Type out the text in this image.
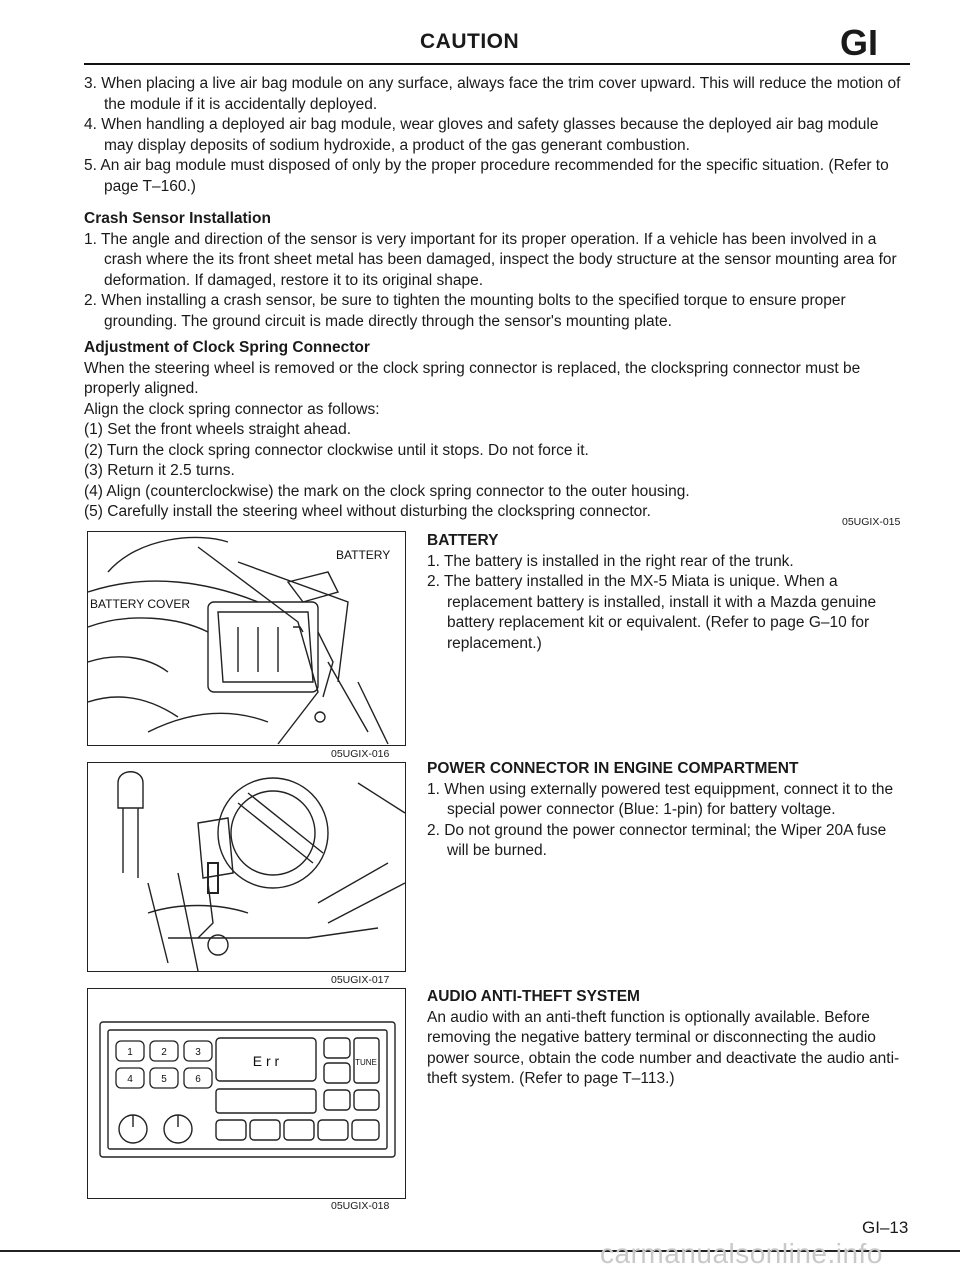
CAUTION	GI

3. When placing a live air bag module on any surface, always face the trim cover upward. This will reduce the motion of the module if it is accidentally deployed.

4. When handling a deployed air bag module, wear gloves and safety glasses because the deployed air bag module may display deposits of sodium hydroxide, a product of the gas generant combustion.

5. An air bag module must disposed of only by the proper procedure recommended for the specific situation. (Refer to page T–160.)

Crash Sensor Installation

1. The angle and direction of the sensor is very important for its proper operation. If a vehicle has been involved in a crash where the its front sheet metal has been damaged, inspect the body structure at the sensor mounting area for deformation. If damaged, restore it to its original shape.

2. When installing a crash sensor, be sure to tighten the mounting bolts to the specified torque to ensure proper grounding. The ground circuit is made directly through the sensor's mounting plate.

Adjustment of Clock Spring Connector

When the steering wheel is removed or the clock spring connector is replaced, the clockspring connector must be properly aligned.

Align the clock spring connector as follows:

(1) Set the front wheels straight ahead.

(2) Turn the clock spring connector clockwise until it stops. Do not force it.

(3) Return it 2.5 turns.

(4) Align (counterclockwise) the mark on the clock spring connector to the outer housing.

(5) Carefully install the steering wheel without disturbing the clockspring connector.

05UGIX-015
BATTERY
BATTERY COVER
05UGIX-016
05UGIX-017
1	2	3
4	5	6
TUNE
E r r
05UGIX-018

BATTERY

1. The battery is installed in the right rear of the trunk.

2. The battery installed in the MX-5 Miata is unique. When a replacement battery is installed, install it with a Mazda genuine battery replacement kit or equivalent. (Refer to page G–10 for replacement.)

POWER CONNECTOR IN ENGINE COMPARTMENT

1. When using externally powered test equippment, connect it to the special power connector (Blue: 1-pin) for battery voltage.

2. Do not ground the power connector terminal; the Wiper 20A fuse will be burned.

AUDIO ANTI-THEFT SYSTEM

An audio with an anti-theft function is optionally available. Before removing the negative battery terminal or disconnecting the audio power source, obtain the code number and deactivate the audio anti-theft system. (Refer to page T–113.)

GI–13
carmanualsonline.info
